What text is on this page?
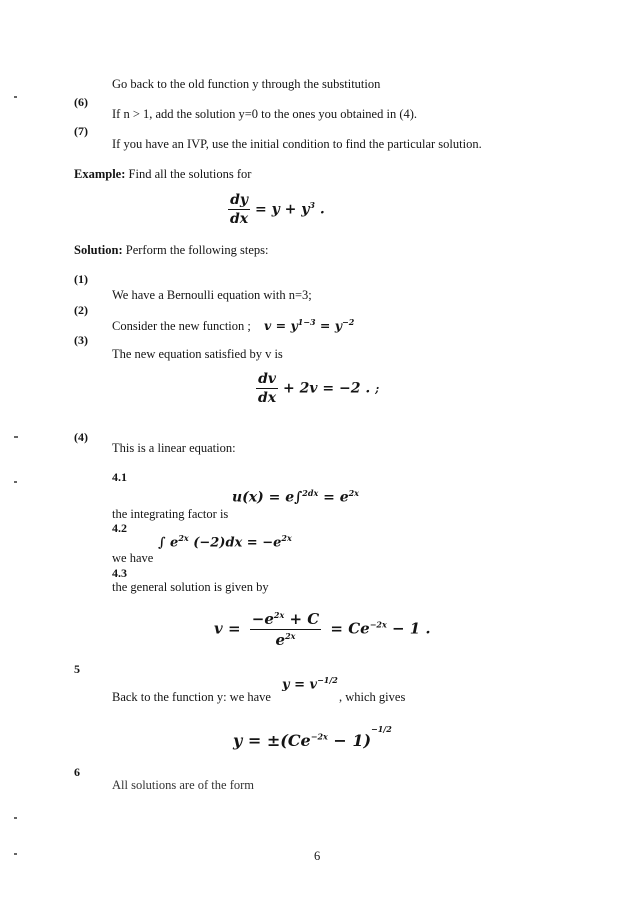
Go back to the old function y through the substitution
(6)
If n > 1, add the solution y=0 to the ones you obtained in (4).
(7)
If you have an IVP, use the initial condition to find the particular solution.
Example: Find all the solutions for
$\frac{dy}{dx} = y + y^3$ .
Solution: Perform the following steps:
(1)
We have a Bernoulli equation with n=3;
(2)
Consider the new function ; $v = y^{1-3} = y^{-2}$
(3)
The new equation satisfied by v is
$\frac{dv}{dx} + 2v = -2$ . ;
(4)
This is a linear equation:
4.1
$u(x) = e\int^{2dx} = e^{2x}$
the integrating factor is
4.2
∫ $e^{2x}$ $(-2)dx = -e^{2x}$
we have
4.3
the general solution is given by
$v = \frac{-e^{2x} + C}{e^{2x}} = Ce^{-2x} - 1$ .
5
$y = v^{-1/2}$
Back to the function y: we have	, which gives
$y = \pm(Ce^{-2x} - 1)^{-1/2}$
6
All solutions are of the form
6
